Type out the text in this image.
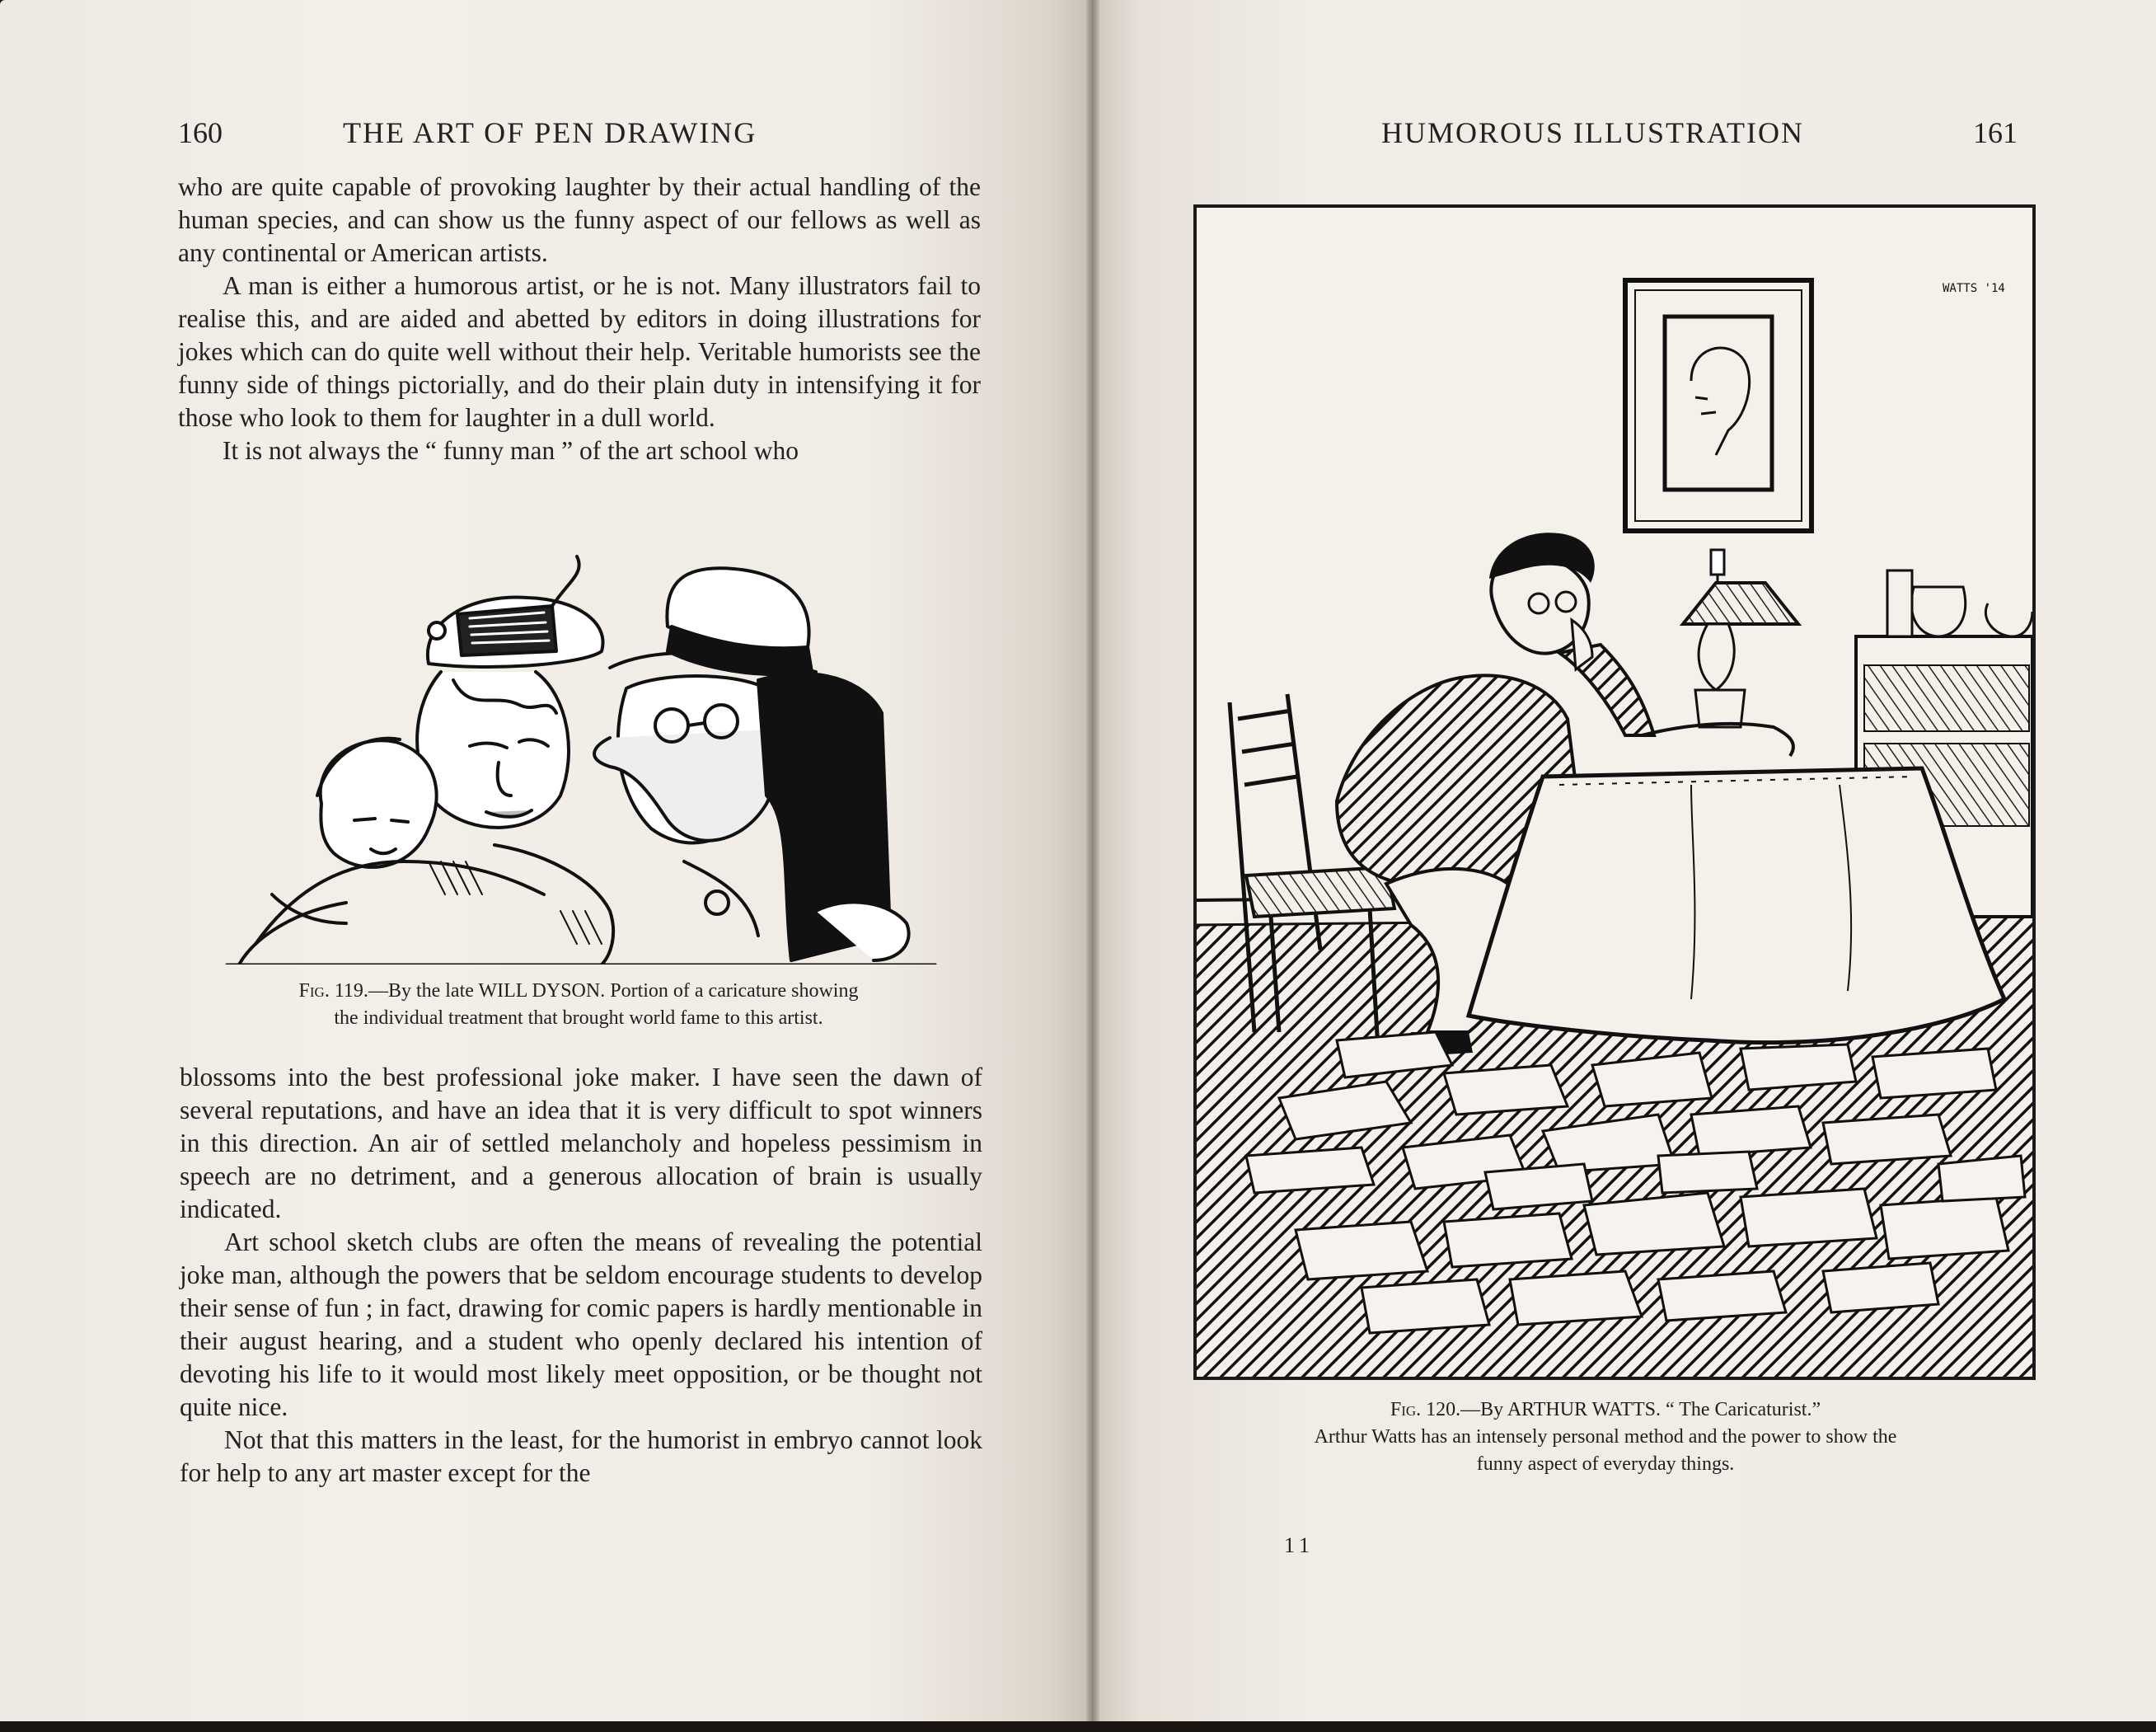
160	THE ART OF PEN DRAWING

who are quite capable of provoking laughter by their actual handling of the human species, and can show us the funny aspect of our fellows as well as any continental or American artists.

A man is either a humorous artist, or he is not. Many illustrators fail to realise this, and are aided and abetted by editors in doing illustrations for jokes which can do quite well without their help. Veritable humorists see the funny side of things pictorially, and do their plain duty in intensifying it for those who look to them for laughter in a dull world.

It is not always the “ funny man ” of the art school who

Fig. 119.—By the late WILL DYSON. Portion of a caricature showing
the individual treatment that brought world fame to this artist.

blossoms into the best professional joke maker. I have seen the dawn of several reputations, and have an idea that it is very difficult to spot winners in this direction. An air of settled melancholy and hopeless pessimism in speech are no detriment, and a generous allocation of brain is usually indicated.

Art school sketch clubs are often the means of revealing the potential joke man, although the powers that be seldom encourage students to develop their sense of fun ; in fact, drawing for comic papers is hardly mentionable in their august hearing, and a student who openly declared his intention of devoting his life to it would most likely meet opposition, or be thought not quite nice.

Not that this matters in the least, for the humorist in embryo cannot look for help to any art master except for the

HUMOROUS ILLUSTRATION	161
WATTS '14
Fig. 120.—By ARTHUR WATTS. “ The Caricaturist.”
Arthur Watts has an intensely personal method and the power to show the
funny aspect of everyday things.
11
